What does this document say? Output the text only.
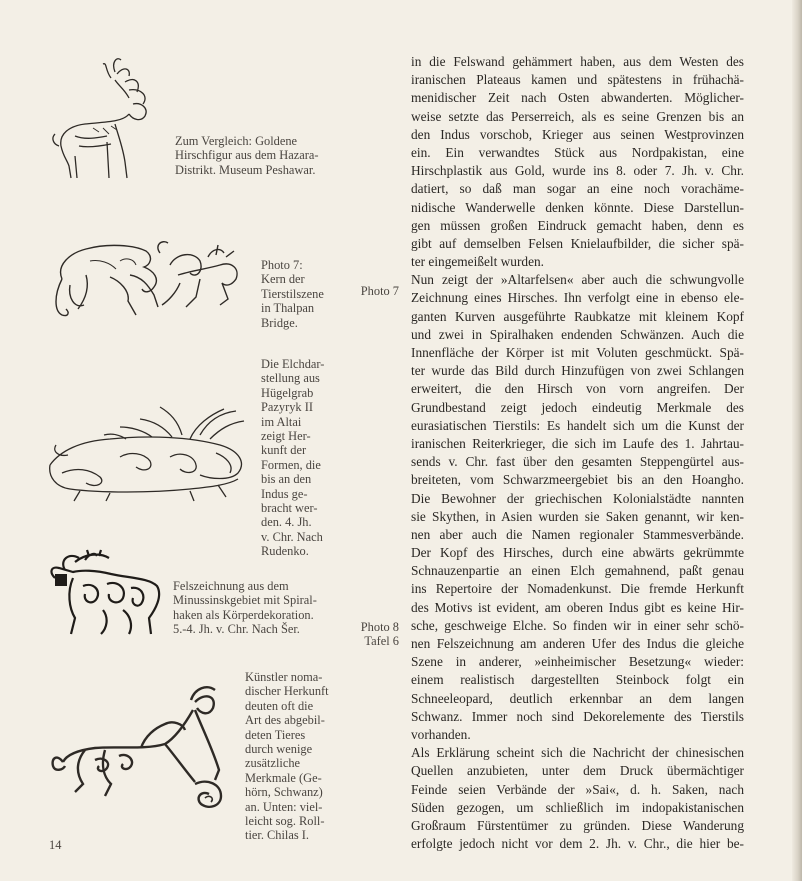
Zum Vergleich: Goldene
Hirschfigur aus dem Hazara-
Distrikt. Museum Peshawar.
Photo 7:
Kern der
Tierstilszene
in Thalpan
Bridge.
Die Elchdar-
stellung aus
Hügelgrab
Pazyryk II
im Altai
zeigt Her-
kunft der
Formen, die
bis an den
Indus ge-
bracht wer-
den. 4. Jh.
v. Chr. Nach
Rudenko.
Felszeichnung aus dem
Minussinskgebiet mit Spiral-
haken als Körperdekoration.
5.-4. Jh. v. Chr. Nach Šer.
Künstler noma-
discher Herkunft
deuten oft die
Art des abgebil-
deten Tieres
durch wenige
zusätzliche
Merkmale (Ge-
hörn, Schwanz)
an. Unten: viel-
leicht sog. Roll-
tier. Chilas I.
Photo 7
Photo 8
Tafel 6
in die Felswand gehämmert haben, aus dem Westen des
iranischen Plateaus kamen und spätestens in frühachä-
menidischer Zeit nach Osten abwanderten. Möglicher-
weise setzte das Perserreich, als es seine Grenzen bis an
den Indus vorschob, Krieger aus seinen Westprovinzen
ein. Ein verwandtes Stück aus Nordpakistan, eine
Hirschplastik aus Gold, wurde ins 8. oder 7. Jh. v. Chr.
datiert, so daß man sogar an eine noch vorachäme-
nidische Wanderwelle denken könnte. Diese Darstellun-
gen müssen großen Eindruck gemacht haben, denn es
gibt auf demselben Felsen Knielaufbilder, die sicher spä-
ter eingemeißelt wurden.
Nun zeigt der »Altarfelsen« aber auch die schwungvolle
Zeichnung eines Hirsches. Ihn verfolgt eine in ebenso ele-
ganten Kurven ausgeführte Raubkatze mit kleinem Kopf
und zwei in Spiralhaken endenden Schwänzen. Auch die
Innenfläche der Körper ist mit Voluten geschmückt. Spä-
ter wurde das Bild durch Hinzufügen von zwei Schlangen
erweitert, die den Hirsch von vorn angreifen. Der
Grundbestand zeigt jedoch eindeutig Merkmale des
eurasiatischen Tierstils: Es handelt sich um die Kunst der
iranischen Reiterkrieger, die sich im Laufe des 1. Jahrtau-
sends v. Chr. fast über den gesamten Steppengürtel aus-
breiteten, vom Schwarzmeergebiet bis an den Hoangho.
Die Bewohner der griechischen Kolonialstädte nannten
sie Skythen, in Asien wurden sie Saken genannt, wir ken-
nen aber auch die Namen regionaler Stammesverbände.
Der Kopf des Hirsches, durch eine abwärts gekrümmte
Schnauzenpartie an einen Elch gemahnend, paßt genau
ins Repertoire der Nomadenkunst. Die fremde Herkunft
des Motivs ist evident, am oberen Indus gibt es keine Hir-
sche, geschweige Elche. So finden wir in einer sehr schö-
nen Felszeichnung am anderen Ufer des Indus die gleiche
Szene in anderer, »einheimischer Besetzung« wieder:
einem realistisch dargestellten Steinbock folgt ein
Schneeleopard, deutlich erkennbar an dem langen
Schwanz. Immer noch sind Dekorelemente des Tierstils
vorhanden.
Als Erklärung scheint sich die Nachricht der chinesischen
Quellen anzubieten, unter dem Druck übermächtiger
Feinde seien Verbände der »Sai«, d. h. Saken, nach
Süden gezogen, um schließlich im indopakistanischen
Großraum Fürstentümer zu gründen. Diese Wanderung
erfolgte jedoch nicht vor dem 2. Jh. v. Chr., die hier be-
14
